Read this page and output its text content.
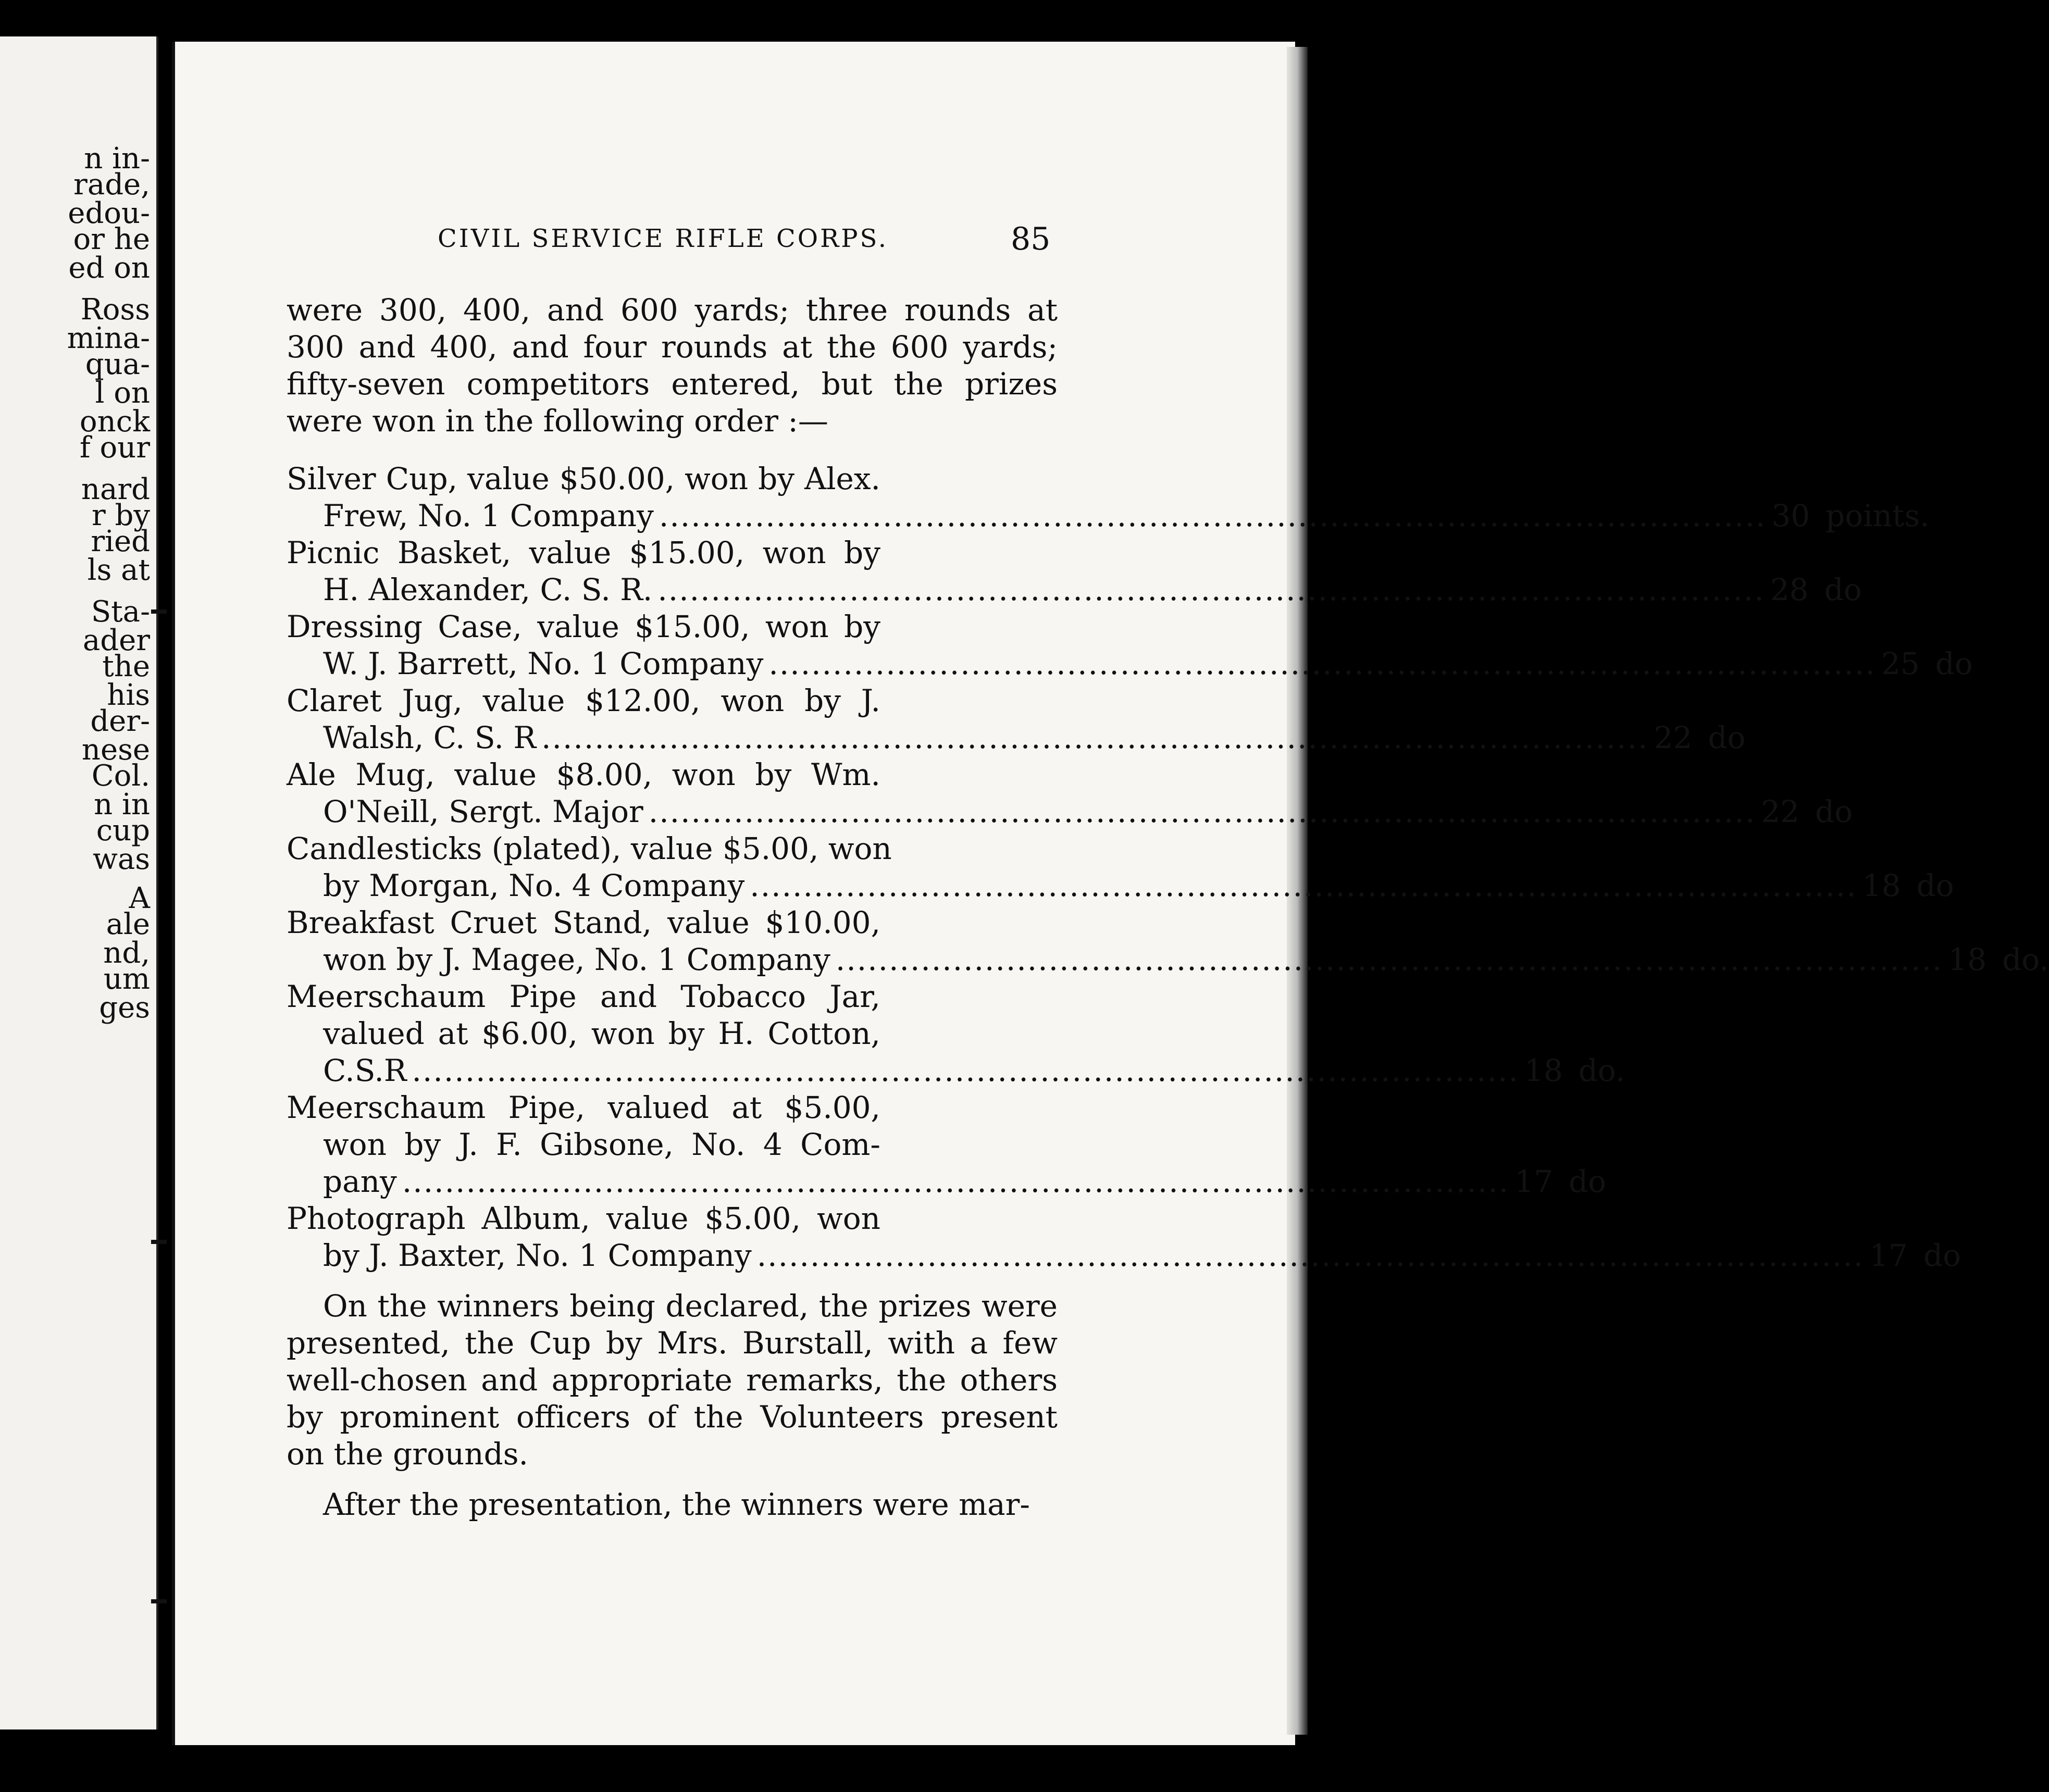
n in-
rade,
edou-
or he
ed on
Ross
mina-
qua-
l on
onck
f our
nard
r by
ried
ls at
Sta-
ader
the
his
der-
nese
Col.
n in
cup
was
A
ale
nd,
um
ges
CIVIL SERVICE RIFLE CORPS.	85

were 300, 400, and 600 yards; three rounds at 300 and 400, and four rounds at the 600 yards; fifty-seven competitors entered, but the prizes were won in the following order :—

Silver Cup, value $50.00, won by Alex.
Frew, No. 1 Company ........................................................................................................ 30 points.
Picnic Basket, value $15.00, won by
H. Alexander, C. S. R. ........................................................................................................ 28 do
Dressing Case, value $15.00, won by
W. J. Barrett, No. 1 Company ........................................................................................................ 25 do
Claret Jug, value $12.00, won by J.
Walsh, C. S. R ........................................................................................................ 22 do
Ale Mug, value $8.00, won by Wm.
O'Neill, Sergt. Major ........................................................................................................ 22 do
Candlesticks (plated), value $5.00, won
by Morgan, No. 4 Company ........................................................................................................ 18 do
Breakfast Cruet Stand, value $10.00,
won by J. Magee, No. 1 Company ........................................................................................................ 18 do.
Meerschaum Pipe and Tobacco Jar,
valued at $6.00, won by H. Cotton,
C.S.R ........................................................................................................ 18 do.
Meerschaum Pipe, valued at $5.00,
won by J. F. Gibsone, No. 4 Com-
pany ........................................................................................................ 17 do
Photograph Album, value $5.00, won
by J. Baxter, No. 1 Company ........................................................................................................ 17 do

On the winners being declared, the prizes were presented, the Cup by Mrs. Burstall, with a few well-chosen and appropriate remarks, the others by prominent officers of the Volunteers present on the grounds.

After the presentation, the winners were mar-
